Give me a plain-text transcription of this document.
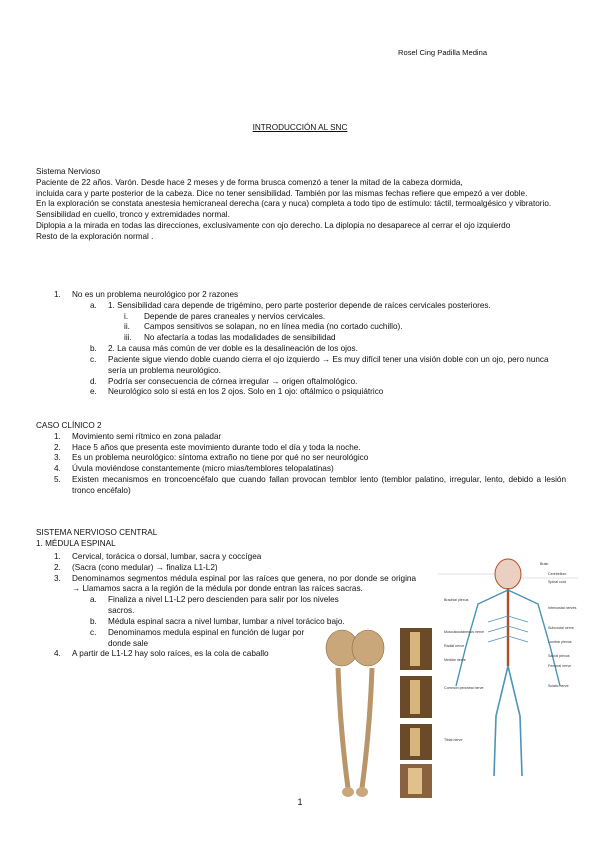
Rosel Cing Padilla Medina
INTRODUCCIÓN AL SNC

Sistema Nervioso

Paciente de 22 años. Varón. Desde hace 2 meses y de forma brusca comenzó a tener la mitad de la cabeza dormida,

incluida cara y parte posterior de la cabeza. Dice no tener sensibilidad. También por las mismas fechas refiere que empezó a ver doble.

En la exploración se constata anestesia hemicraneal derecha (cara y nuca) completa a todo tipo de estímulo: táctil, termoalgésico y vibratorio. Sensibilidad en cuello, tronco y extremidades normal.

Diplopia a la mirada en todas las direcciones, exclusivamente con ojo derecho. La diplopia no desaparece al cerrar el ojo izquierdo

Resto de la exploración normal .

1. No es un problema neurológico por 2 razones
a. 1. Sensibilidad cara depende de trigémino, pero parte posterior depende de raíces cervicales posteriores.
i. Depende de pares craneales y nervios cervicales.
ii. Campos sensitivos se solapan, no en línea media (no cortado cuchillo).
iii. No afectaría a todas las modalidades de sensibilidad
b. 2. La causa más común de ver doble es la desalineación de los ojos.
c. Paciente sigue viendo doble cuando cierra el ojo izquierdo → Es muy difícil tener una visión doble con un ojo, pero nunca sería un problema neurológico.
d. Podría ser consecuencia de córnea irregular → origen oftalmológico.
e. Neurológico solo si está en los 2 ojos. Solo en 1 ojo: oftálmico o psiquiátrico

CASO CLÍNICO 2

1. Movimiento semi rítmico en zona paladar
2. Hace 5 años que presenta este movimiento durante todo el día y toda la noche.
3. Es un problema neurológico: síntoma extraño no tiene por qué no ser neurológico
4. Úvula moviéndose constantemente (micro mias/temblores telopalatinas)
5. Existen mecanismos en troncoencéfalo que cuando fallan provocan temblor lento (temblor palatino, irregular, lento, debido a lesión tronco encéfalo)

SISTEMA NERVIOSO CENTRAL

1. MÉDULA ESPINAL

1. Cervical, torácica o dorsal, lumbar, sacra y coccígea
2. (Sacra (cono medular) → finaliza L1-L2)
3. Denominamos segmentos médula espinal por las raíces que genera, no por donde se origina → Llamamos sacra a la región de la médula por donde entran las raíces sacras.
a. Finaliza a nivel L1-L2 pero descienden para salir por los niveles sacros.
b. Médula espinal sacra a nivel lumbar, lumbar a nivel torácico bajo.
c. Denominamos medula espinal en función de lugar por donde sale
4. A partir de L1-L2 hay solo raíces, es la cola de caballo
Brain
Cerebellum
Spinal cord
Brachial plexus
Intercostal nerves
Subcostal nerve
Musculocutaneous nerve
Lumbar plexus
Radial nerve
Sacral plexus
Median nerve
Femoral nerve
Sciatic nerve
Common peroneal nerve
Tibial nerve
1
